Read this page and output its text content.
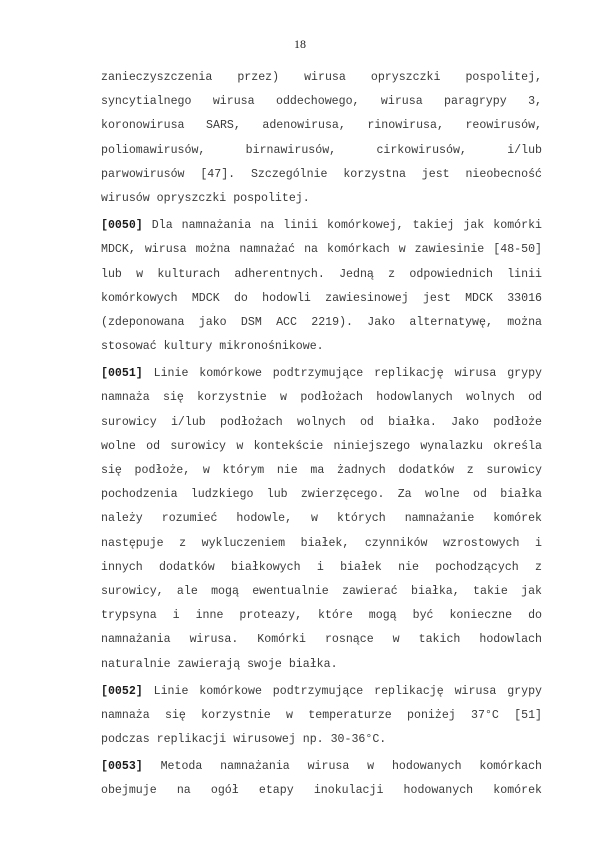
18
zanieczyszczenia przez) wirusa opryszczki pospolitej,
syncytialnego wirusa oddechowego, wirusa paragrypy 3,
koronowirusa SARS, adenowirusa, rinowirusa, reowirusów,
poliomawirusów, birnawirusów, cirkowirusów, i/lub
parwowirusów [47]. Szczególnie korzystna jest nieobecność
wirusów opryszczki pospolitej.
[0050] Dla namnażania na linii komórkowej, takiej jak komórki
MDCK, wirusa można namnażać na komórkach w zawiesinie [48-50]
lub w kulturach adherentnych. Jedną z odpowiednich linii
komórkowych MDCK do hodowli zawiesinowej jest MDCK 33016
(zdeponowana jako DSM ACC 2219). Jako alternatywę, można
stosować kultury mikronośnikowe.
[0051] Linie komórkowe podtrzymujące replikację wirusa grypy
namnaża się korzystnie w podłożach hodowlanych wolnych od
surowicy i/lub podłożach wolnych od białka. Jako podłoże
wolne od surowicy w kontekście niniejszego wynalazku określa
się podłoże, w którym nie ma żadnych dodatków z surowicy
pochodzenia ludzkiego lub zwierzęcego. Za wolne od białka
należy rozumieć hodowle, w których namnażanie komórek
następuje z wykluczeniem białek, czynników wzrostowych i
innych dodatków białkowych i białek nie pochodzących z
surowicy, ale mogą ewentualnie zawierać białka, takie jak
trypsyna i inne proteazy, które mogą być konieczne do
namnażania wirusa. Komórki rosnące w takich hodowlach
naturalnie zawierają swoje białka.
[0052] Linie komórkowe podtrzymujące replikację wirusa grypy
namnaża się korzystnie w temperaturze poniżej 37°C [51]
podczas replikacji wirusowej np. 30-36°C.
[0053] Metoda namnażania wirusa w hodowanych komórkach
obejmuje na ogół etapy inokulacji hodowanych komórek
